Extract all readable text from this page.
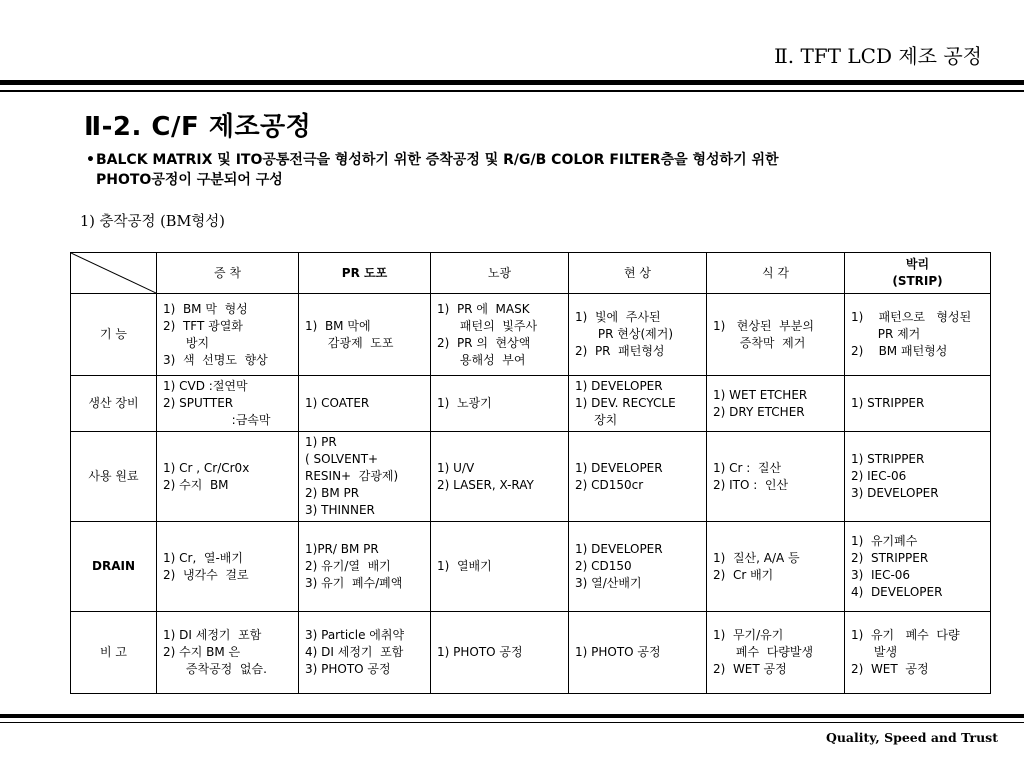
Ⅱ. TFT LCD 제조 공정
Ⅱ-2. C/F 제조공정
• BALCK MATRIX 및 ITO공통전극을 형성하기 위한 증착공정 및 R/G/B COLOR FILTER층을 형성하기 위한
PHOTO공정이 구분되어 구성
1) 충작공정 (BM형성)
	증 착	PR 도포	노광	현 상	식 각	박리
(STRIP)

기 능	1)  BM 막  형성
2)  TFT 광열화
방지
3)  색  선명도  향상	1)  BM 막에
감광제  도포	1)  PR 에  MASK
패턴의  빛주사
2)  PR 의  현상액
용해성  부여	1)  빛에  주사된
PR 현상(제거)
2)  PR  패턴형성	1)   현상된  부분의
증착막  제거	1)    패턴으로   형성된
PR 제거
2)    BM 패턴형성

생산 장비	1) CVD :절연막
2) SPUTTER
:금속막	1) COATER	1)  노광기	1) DEVELOPER
1) DEV. RECYCLE
장치	1) WET ETCHER
2) DRY ETCHER	1) STRIPPER

사용 원료	1) Cr , Cr/Cr0x
2) 수지  BM	1) PR
( SOLVENT+
RESIN+  감광제)
2) BM PR
3) THINNER	1) U/V
2) LASER, X-RAY	1) DEVELOPER
2) CD150cr	1) Cr :  질산
2) ITO :  인산	1) STRIPPER
2) IEC-06
3) DEVELOPER

DRAIN	1) Cr,  열-배기
2)  냉각수  걸로	1)PR/ BM PR
2) 유기/열  배기
3) 유기  폐수/폐액	1)  열배기	1) DEVELOPER
2) CD150
3) 열/산배기	1)  질산, A/A 등
2)  Cr 배기	1)  유기폐수
2)  STRIPPER
3)  IEC-06
4)  DEVELOPER

비 고	1) DI 세정기  포함
2) 수지 BM 은
증착공정  없슴.	3) Particle 에취약
4) DI 세정기  포함
3) PHOTO 공정	1) PHOTO 공정	1) PHOTO 공정	1)  무기/유기
폐수  다량발생
2)  WET 공정	1)  유기   폐수  다량
발생
2)  WET  공정
Quality, Speed and Trust
